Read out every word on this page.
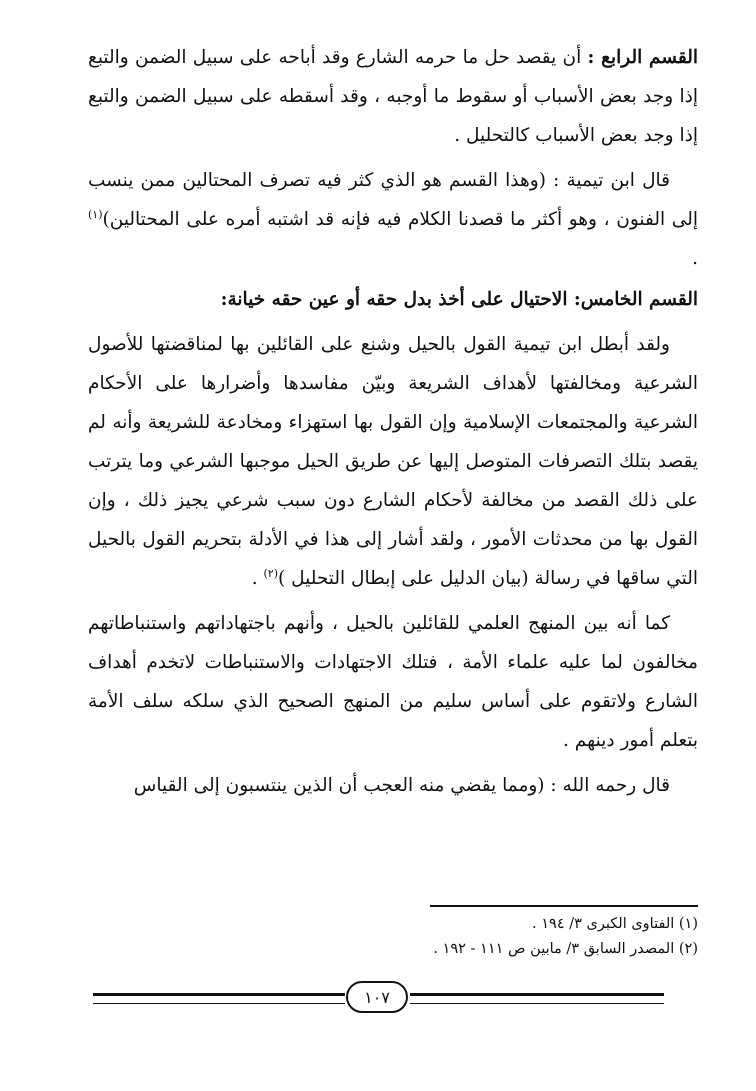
القسم الرابع : أن يقصد حل ما حرمه الشارع وقد أباحه على سبيل الضمن والتبع إذا وجد بعض الأسباب أو سقوط ما أوجبه ، وقد أسقطه على سبيل الضمن والتبع إذا وجد بعض الأسباب كالتحليل .

قال ابن تيمية : (وهذا القسم هو الذي كثر فيه تصرف المحتالين ممن ينسب إلى الفنون ، وهو أكثر ما قصدنا الكلام فيه فإنه قد اشتبه أمره على المحتالين)$^{(١)}$ .

القسم الخامس: الاحتيال على أخذ بدل حقه أو عين حقه خيانة:

ولقد أبطل ابن تيمية القول بالحيل وشنع على القائلين بها لمناقضتها للأصول الشرعية ومخالفتها لأهداف الشريعة وبيّن مفاسدها وأضرارها على الأحكام الشرعية والمجتمعات الإسلامية وإن القول بها استهزاء ومخادعة للشريعة وأنه لم يقصد بتلك التصرفات المتوصل إليها عن طريق الحيل موجبها الشرعي وما يترتب على ذلك القصد من مخالفة لأحكام الشارع دون سبب شرعي يجيز ذلك ، وإن القول بها من محدثات الأمور ، ولقد أشار إلى هذا في الأدلة بتحريم القول بالحيل التي ساقها في رسالة (بيان الدليل على إبطال التحليل )$^{(٢)}$ .

كما أنه بين المنهج العلمي للقائلين بالحيل ، وأنهم باجتهاداتهم واستنباطاتهم مخالفون لما عليه علماء الأمة ، فتلك الاجتهادات والاستنباطات لاتخدم أهداف الشارع ولاتقوم على أساس سليم من المنهج الصحيح الذي سلكه سلف الأمة بتعلم أمور دينهم .

قال رحمه الله : (ومما يقضي منه العجب أن الذين ينتسبون إلى القياس

(١) الفتاوى الكبرى ٣/ ١٩٤ .

(٢) المصدر السابق ٣/ مابين ص ١١١ - ١٩٢ .

١٠٧
